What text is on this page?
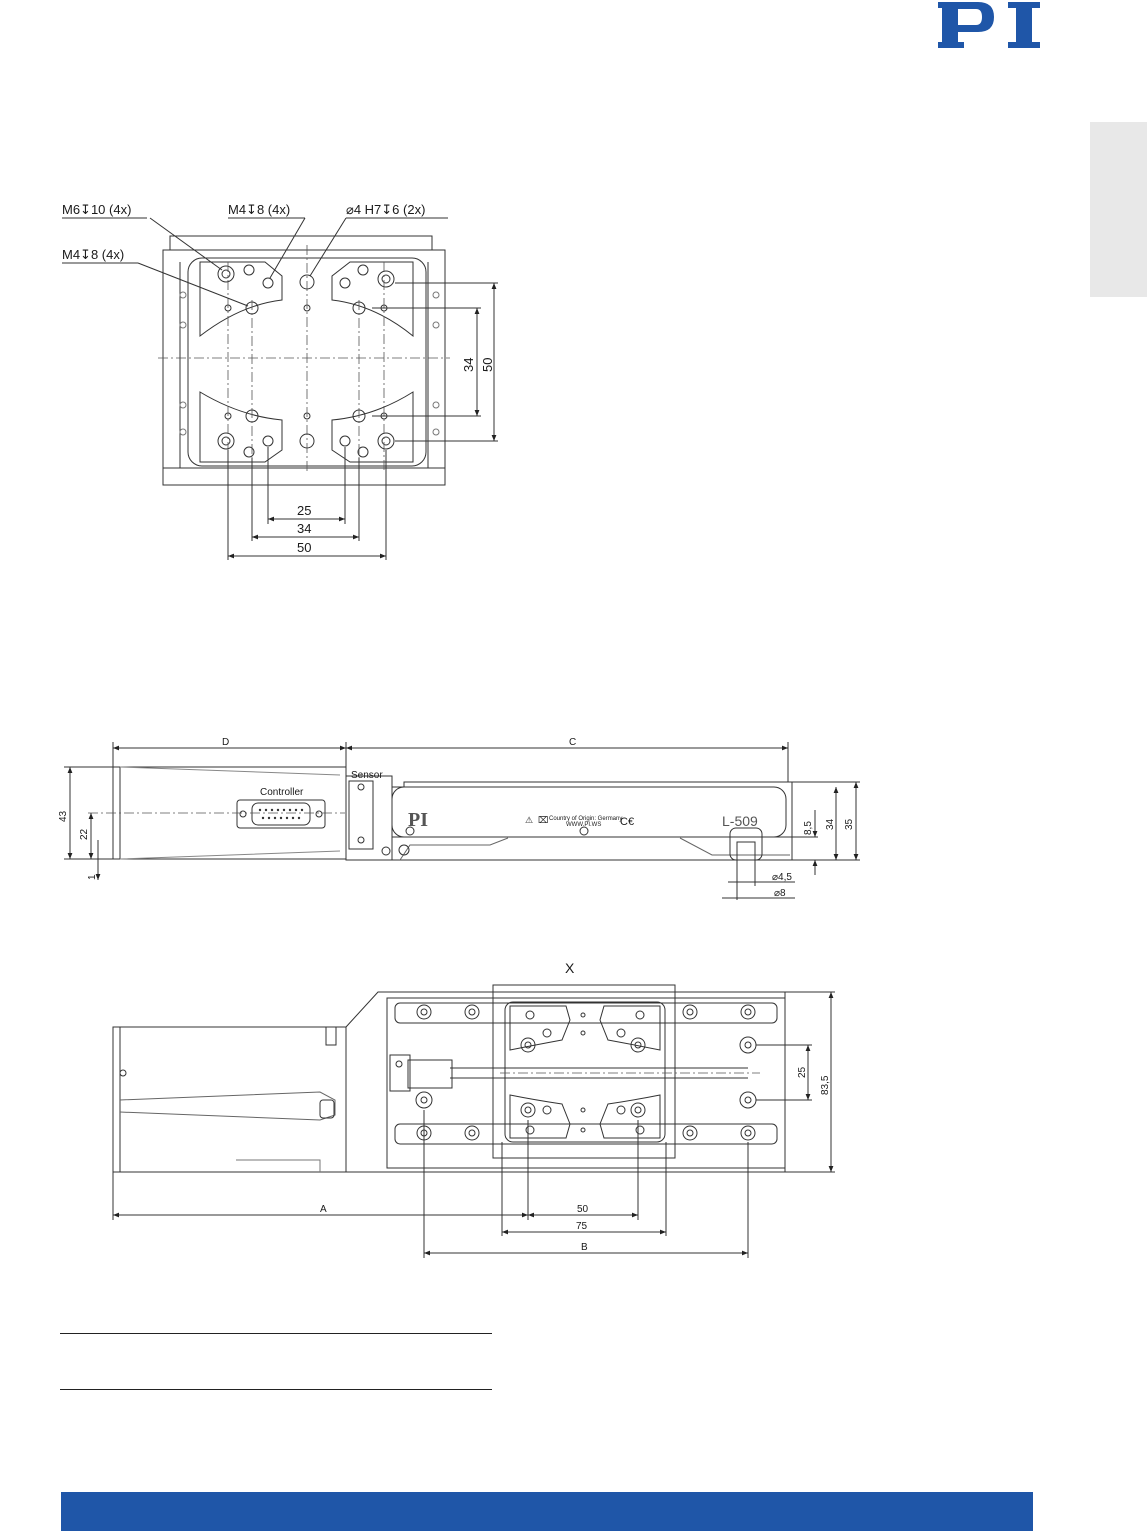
M6↧10 (4x)	M4↧8 (4x)	⌀4 H7↧6 (2x)
M4↧8 (4x)
34 50
25
34
50
D	C
Controller
Sensor
PI	⚠ ⌧ Country of Origin: Germany
WWW.PI.WS C€	L-509
43
22
1
8,5 34 35
⌀4,5
⌀8
X
A	50
75
B
25
83,5
